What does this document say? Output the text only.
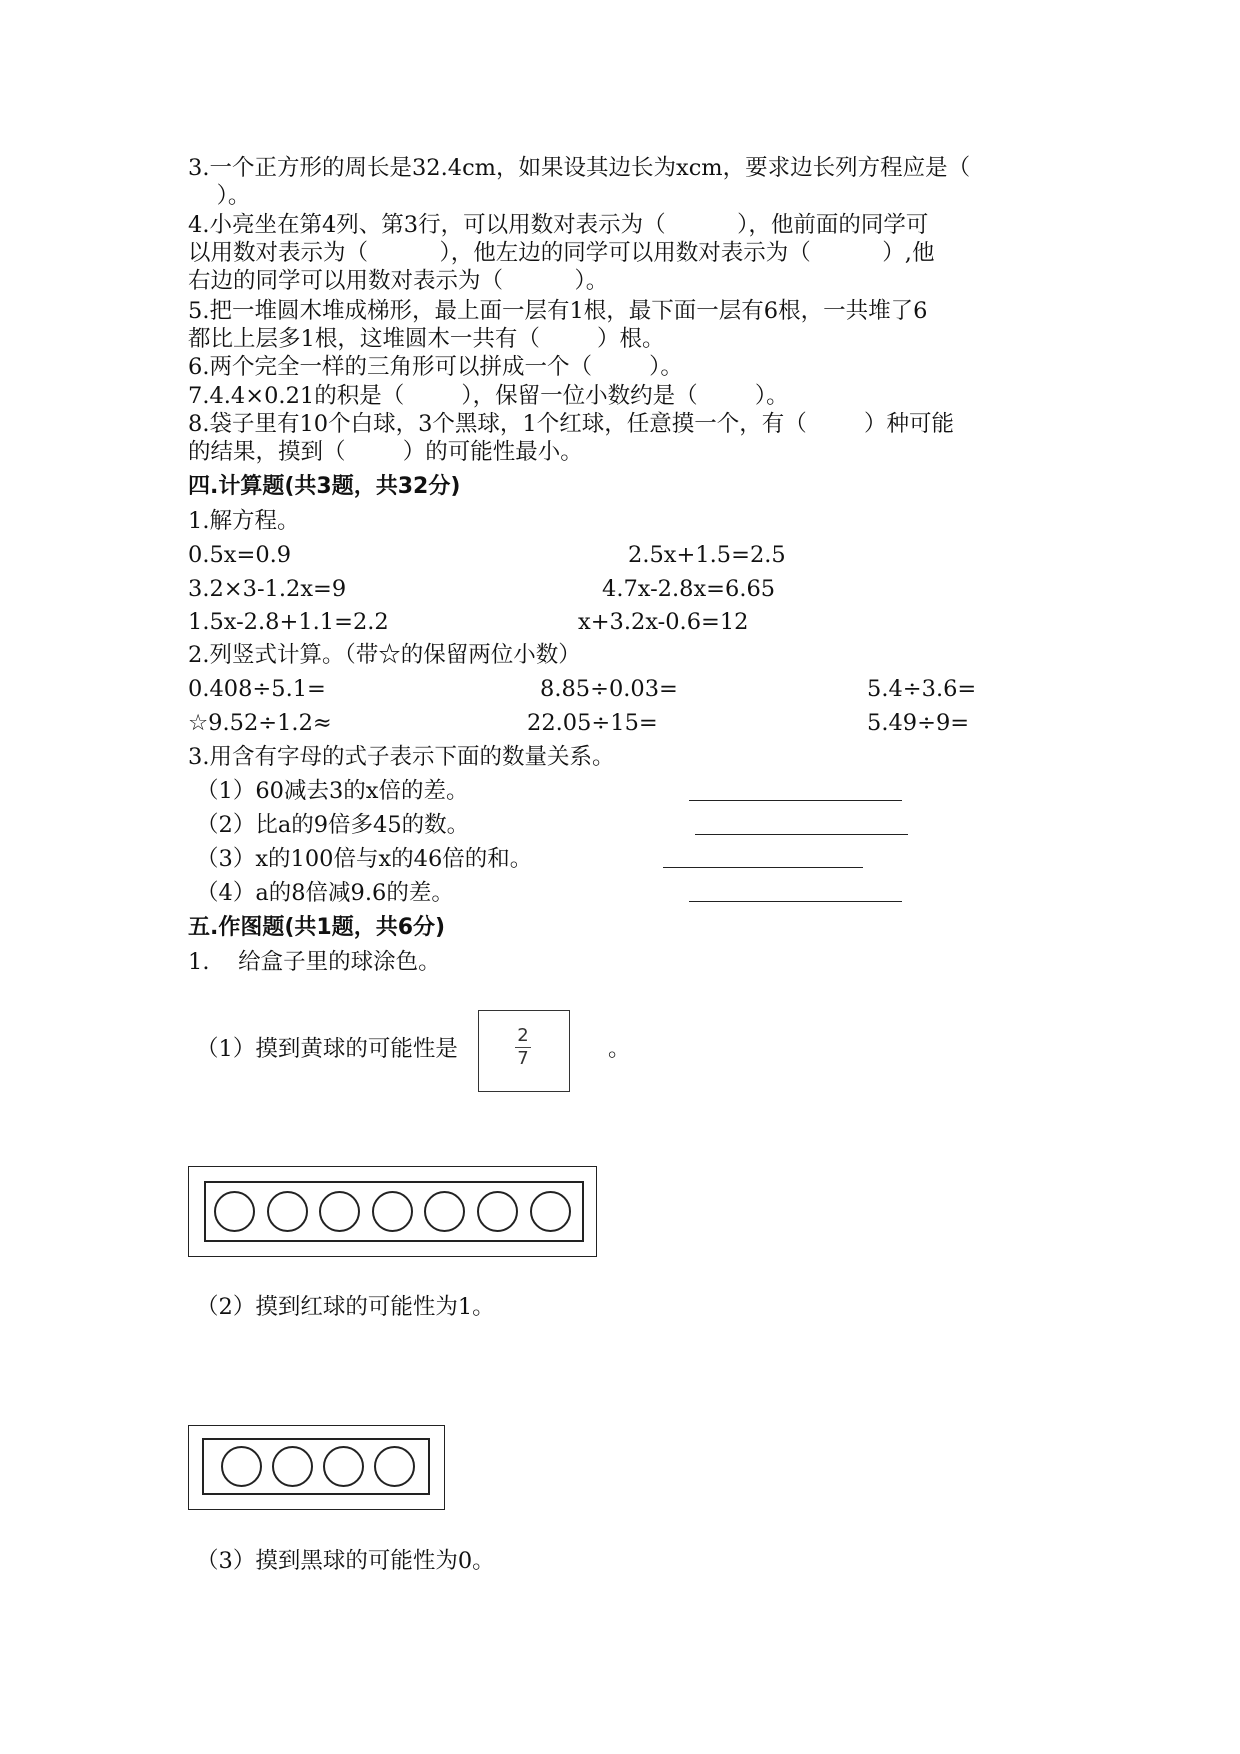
3.一个正方形的周长是32.4cm，如果设其边长为xcm，要求边长列方程应是（
）。
4.小亮坐在第4列、第3行，可以用数对表示为（          ），他前面的同学可
以用数对表示为（          ），他左边的同学可以用数对表示为（          ）,他
右边的同学可以用数对表示为（          ）。
5.把一堆圆木堆成梯形，最上面一层有1根，最下面一层有6根，一共堆了6
都比上层多1根，这堆圆木一共有（        ）根。
6.两个完全一样的三角形可以拼成一个（        ）。
7.4.4×0.21的积是（        ），保留一位小数约是（        ）。
8.袋子里有10个白球，3个黑球，1个红球，任意摸一个，有（        ）种可能
的结果，摸到（        ）的可能性最小。
四.计算题(共3题，共32分)
1.解方程。
0.5x=0.9	2.5x+1.5=2.5
3.2×3-1.2x=9	4.7x-2.8x=6.65
1.5x-2.8+1.1=2.2	x+3.2x-0.6=12
2.列竖式计算。（带☆的保留两位小数）
0.408÷5.1=	8.85÷0.03=	5.4÷3.6=
☆9.52÷1.2≈	22.05÷15=	5.49÷9=
3.用含有字母的式子表示下面的数量关系。
（1）60减去3的x倍的差。
（2）比a的9倍多45的数。
（3）x的100倍与x的46倍的和。
（4）a的8倍减9.6的差。
五.作图题(共1题，共6分)
1.    给盒子里的球涂色。
（1）摸到黄球的可能性是
2
7	。
（2）摸到红球的可能性为1。
（3）摸到黑球的可能性为0。
